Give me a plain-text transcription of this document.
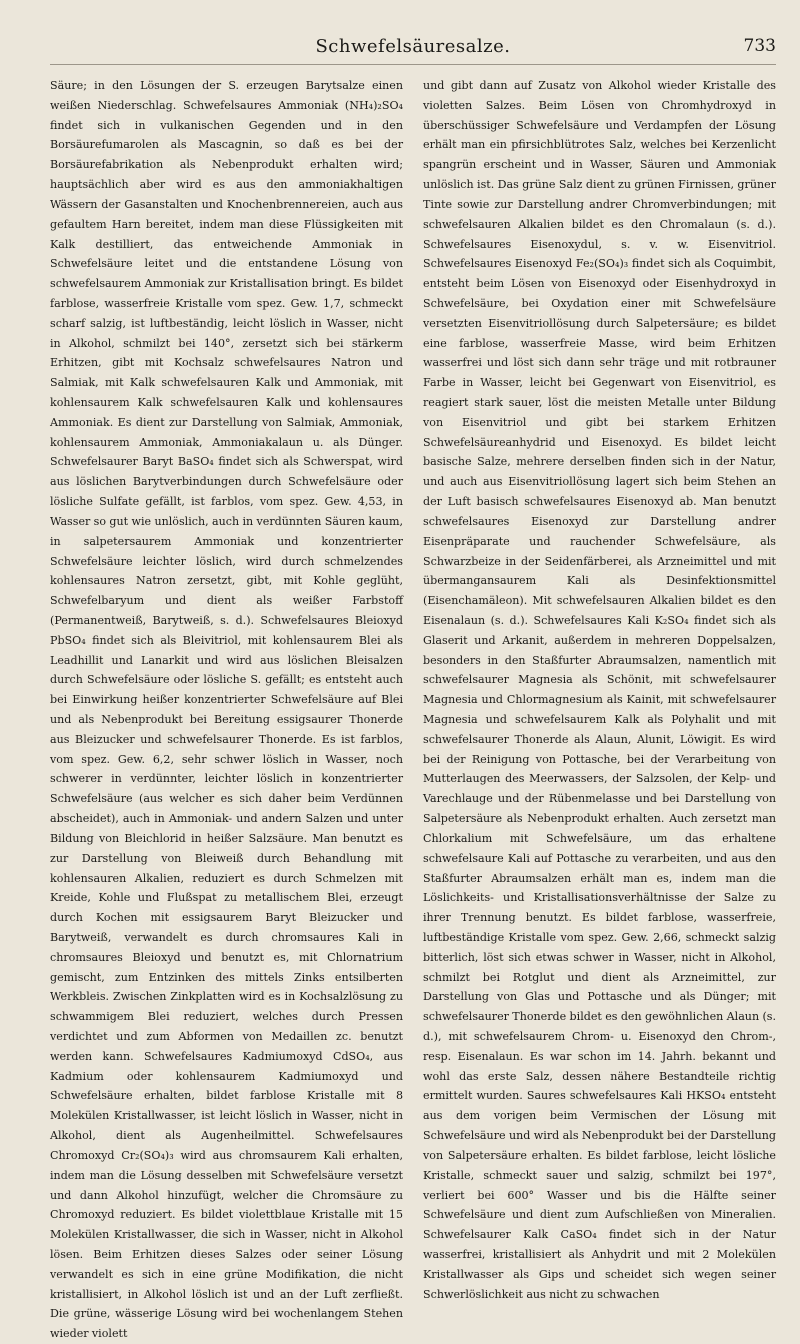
Schwefelsäuresalze.	733
Säure; in den Lösungen der S. erzeugen Barytsalze einen weißen Niederschlag. Schwefelsaures Ammoniak (NH₄)₂SO₄ findet sich in vulkanischen Gegenden und in den Borsäurefumarolen als Mascagnin, so daß es bei der Borsäurefabrikation als Nebenprodukt erhalten wird; hauptsächlich aber wird es aus den ammoniakhaltigen Wässern der Gasanstalten und Knochenbrennereien, auch aus gefaultem Harn bereitet, indem man diese Flüssigkeiten mit Kalk destilliert, das entweichende Ammoniak in Schwefelsäure leitet und die entstandene Lösung von schwefelsaurem Ammoniak zur Kristallisation bringt. Es bildet farblose, wasserfreie Kristalle vom spez. Gew. 1,7, schmeckt scharf salzig, ist luftbeständig, leicht löslich in Wasser, nicht in Alkohol, schmilzt bei 140°, zersetzt sich bei stärkerm Erhitzen, gibt mit Kochsalz schwefelsaures Natron und Salmiak, mit Kalk schwefelsauren Kalk und Ammoniak, mit kohlensaurem Kalk schwefelsauren Kalk und kohlensaures Ammoniak. Es dient zur Darstellung von Salmiak, Ammoniak, kohlensaurem Ammoniak, Ammoniakalaun u. als Dünger. Schwefelsaurer Baryt BaSO₄ findet sich als Schwerspat, wird aus löslichen Barytverbindungen durch Schwefelsäure oder lösliche Sulfate gefällt, ist farblos, vom spez. Gew. 4,53, in Wasser so gut wie unlöslich, auch in verdünnten Säuren kaum, in salpetersaurem Ammoniak und konzentrierter Schwefelsäure leichter löslich, wird durch schmelzendes kohlensaures Natron zersetzt, gibt, mit Kohle geglüht, Schwefelbaryum und dient als weißer Farbstoff (Permanentweiß, Barytweiß, s. d.). Schwefelsaures Bleioxyd PbSO₄ findet sich als Bleivitriol, mit kohlensaurem Blei als Leadhillit und Lanarkit und wird aus löslichen Bleisalzen durch Schwefelsäure oder lösliche S. gefällt; es entsteht auch bei Einwirkung heißer konzentrierter Schwefelsäure auf Blei und als Nebenprodukt bei Bereitung essigsaurer Thonerde aus Bleizucker und schwefelsaurer Thonerde. Es ist farblos, vom spez. Gew. 6,2, sehr schwer löslich in Wasser, noch schwerer in verdünnter, leichter löslich in konzentrierter Schwefelsäure (aus welcher es sich daher beim Verdünnen abscheidet), auch in Ammoniak- und andern Salzen und unter Bildung von Bleichlorid in heißer Salzsäure. Man benutzt es zur Darstellung von Bleiweiß durch Behandlung mit kohlensauren Alkalien, reduziert es durch Schmelzen mit Kreide, Kohle und Flußspat zu metallischem Blei, erzeugt durch Kochen mit essigsaurem Baryt Bleizucker und Barytweiß, verwandelt es durch chromsaures Kali in chromsaures Bleioxyd und benutzt es, mit Chlornatrium gemischt, zum Entzinken des mittels Zinks entsilberten Werkbleis. Zwischen Zinkplatten wird es in Kochsalzlösung zu schwammigem Blei reduziert, welches durch Pressen verdichtet und zum Abformen von Medaillen zc. benutzt werden kann. Schwefelsaures Kadmiumoxyd CdSO₄, aus Kadmium oder kohlensaurem Kadmiumoxyd und Schwefelsäure erhalten, bildet farblose Kristalle mit 8 Molekülen Kristallwasser, ist leicht löslich in Wasser, nicht in Alkohol, dient als Augenheilmittel. Schwefelsaures Chromoxyd Cr₂(SO₄)₃ wird aus chromsaurem Kali erhalten, indem man die Lösung desselben mit Schwefelsäure versetzt und dann Alkohol hinzufügt, welcher die Chromsäure zu Chromoxyd reduziert. Es bildet violettblaue Kristalle mit 15 Molekülen Kristallwasser, die sich in Wasser, nicht in Alkohol lösen. Beim Erhitzen dieses Salzes oder seiner Lösung verwandelt es sich in eine grüne Modifikation, die nicht kristallisiert, in Alkohol löslich ist und an der Luft zerfließt. Die grüne, wässerige Lösung wird bei wochenlangem Stehen wieder violett
und gibt dann auf Zusatz von Alkohol wieder Kristalle des violetten Salzes. Beim Lösen von Chromhydroxyd in überschüssiger Schwefelsäure und Verdampfen der Lösung erhält man ein pfirsichblütrotes Salz, welches bei Kerzenlicht spangrün erscheint und in Wasser, Säuren und Ammoniak unlöslich ist. Das grüne Salz dient zu grünen Firnissen, grüner Tinte sowie zur Darstellung andrer Chromverbindungen; mit schwefelsauren Alkalien bildet es den Chromalaun (s. d.). Schwefelsaures Eisenoxydul, s. v. w. Eisenvitriol. Schwefelsaures Eisenoxyd Fe₂(SO₄)₃ findet sich als Coquimbit, entsteht beim Lösen von Eisenoxyd oder Eisenhydroxyd in Schwefelsäure, bei Oxydation einer mit Schwefelsäure versetzten Eisenvitriollösung durch Salpetersäure; es bildet eine farblose, wasserfreie Masse, wird beim Erhitzen wasserfrei und löst sich dann sehr träge und mit rotbrauner Farbe in Wasser, leicht bei Gegenwart von Eisenvitriol, es reagiert stark sauer, löst die meisten Metalle unter Bildung von Eisenvitriol und gibt bei starkem Erhitzen Schwefelsäureanhydrid und Eisenoxyd. Es bildet leicht basische Salze, mehrere derselben finden sich in der Natur, und auch aus Eisenvitriollösung lagert sich beim Stehen an der Luft basisch schwefelsaures Eisenoxyd ab. Man benutzt schwefelsaures Eisenoxyd zur Darstellung andrer Eisenpräparate und rauchender Schwefelsäure, als Schwarzbeize in der Seidenfärberei, als Arzneimittel und mit übermangansaurem Kali als Desinfektionsmittel (Eisenchamäleon). Mit schwefelsauren Alkalien bildet es den Eisenalaun (s. d.). Schwefelsaures Kali K₂SO₄ findet sich als Glaserit und Arkanit, außerdem in mehreren Doppelsalzen, besonders in den Staßfurter Abraumsalzen, namentlich mit schwefelsaurer Magnesia als Schönit, mit schwefelsaurer Magnesia und Chlormagnesium als Kainit, mit schwefelsaurer Magnesia und schwefelsaurem Kalk als Polyhalit und mit schwefelsaurer Thonerde als Alaun, Alunit, Löwigit. Es wird bei der Reinigung von Pottasche, bei der Verarbeitung von Mutterlaugen des Meerwassers, der Salzsolen, der Kelp- und Varechlauge und der Rübenmelasse und bei Darstellung von Salpetersäure als Nebenprodukt erhalten. Auch zersetzt man Chlorkalium mit Schwefelsäure, um das erhaltene schwefelsaure Kali auf Pottasche zu verarbeiten, und aus den Staßfurter Abraumsalzen erhält man es, indem man die Löslichkeits- und Kristallisationsverhältnisse der Salze zu ihrer Trennung benutzt. Es bildet farblose, wasserfreie, luftbeständige Kristalle vom spez. Gew. 2,66, schmeckt salzig bitterlich, löst sich etwas schwer in Wasser, nicht in Alkohol, schmilzt bei Rotglut und dient als Arzneimittel, zur Darstellung von Glas und Pottasche und als Dünger; mit schwefelsaurer Thonerde bildet es den gewöhnlichen Alaun (s. d.), mit schwefelsaurem Chrom- u. Eisenoxyd den Chrom-, resp. Eisenalaun. Es war schon im 14. Jahrh. bekannt und wohl das erste Salz, dessen nähere Bestandteile richtig ermittelt wurden. Saures schwefelsaures Kali HKSO₄ entsteht aus dem vorigen beim Vermischen der Lösung mit Schwefelsäure und wird als Nebenprodukt bei der Darstellung von Salpetersäure erhalten. Es bildet farblose, leicht lösliche Kristalle, schmeckt sauer und salzig, schmilzt bei 197°, verliert bei 600° Wasser und bis die Hälfte seiner Schwefelsäure und dient zum Aufschließen von Mineralien. Schwefelsaurer Kalk CaSO₄ findet sich in der Natur wasserfrei, kristallisiert als Anhydrit und mit 2 Molekülen Kristallwasser als Gips und scheidet sich wegen seiner Schwerlöslichkeit aus nicht zu schwachen
